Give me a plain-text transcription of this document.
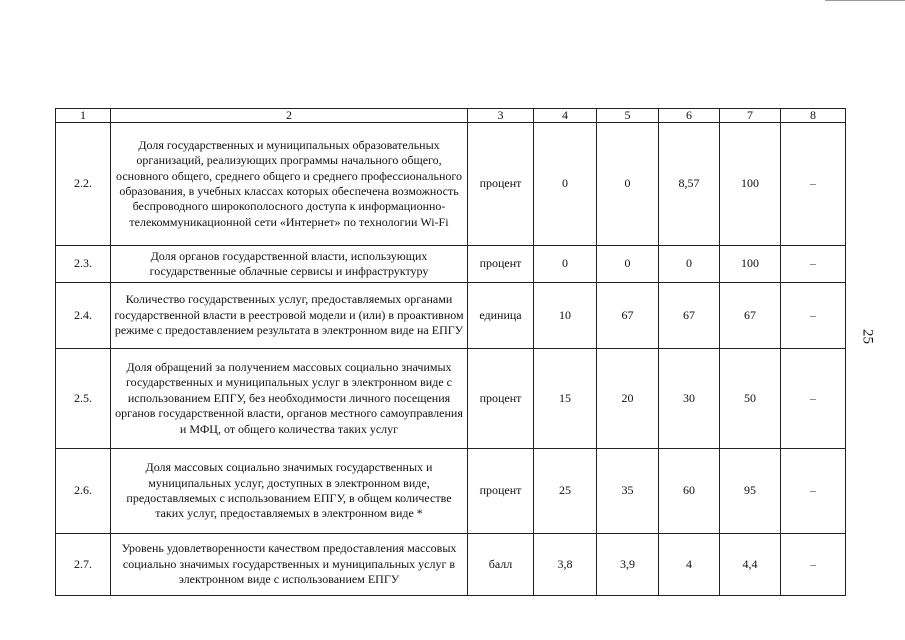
1	2	3	4	5	6	7	8
2.2.	Доля государственных и муниципальных образовательных организаций, реализующих программы начального общего, основного общего, среднего общего и среднего профессионального образования, в учебных классах которых обеспечена возможность беспроводного широкополосного доступа к информационно-телекоммуникационной сети «Интернет» по технологии Wi-Fi	процент	0	0	8,57	100	–
2.3.	Доля органов государственной власти, использующих государственные облачные сервисы и инфраструктуру	процент	0	0	0	100	–
2.4.	Количество государственных услуг, предоставляемых органами государственной власти в реестровой модели и (или) в проактивном режиме с предоставлением результата в электронном виде на ЕПГУ	единица	10	67	67	67	–
2.5.	Доля обращений за получением массовых социально значимых государственных и муниципальных услуг в электронном виде с использованием ЕПГУ, без необходимости личного посещения органов государственной власти, органов местного самоуправления и МФЦ, от общего количества таких услуг	процент	15	20	30	50	–
2.6.	Доля массовых социально значимых государственных и муниципальных услуг, доступных в электронном виде, предоставляемых с использованием ЕПГУ, в общем количестве таких услуг, предоставляемых в электронном виде *	процент	25	35	60	95	–
2.7.	Уровень удовлетворенности качеством предоставления массовых социально значимых государственных и муниципальных услуг в электронном виде с использованием ЕПГУ	балл	3,8	3,9	4	4,4	–
25
